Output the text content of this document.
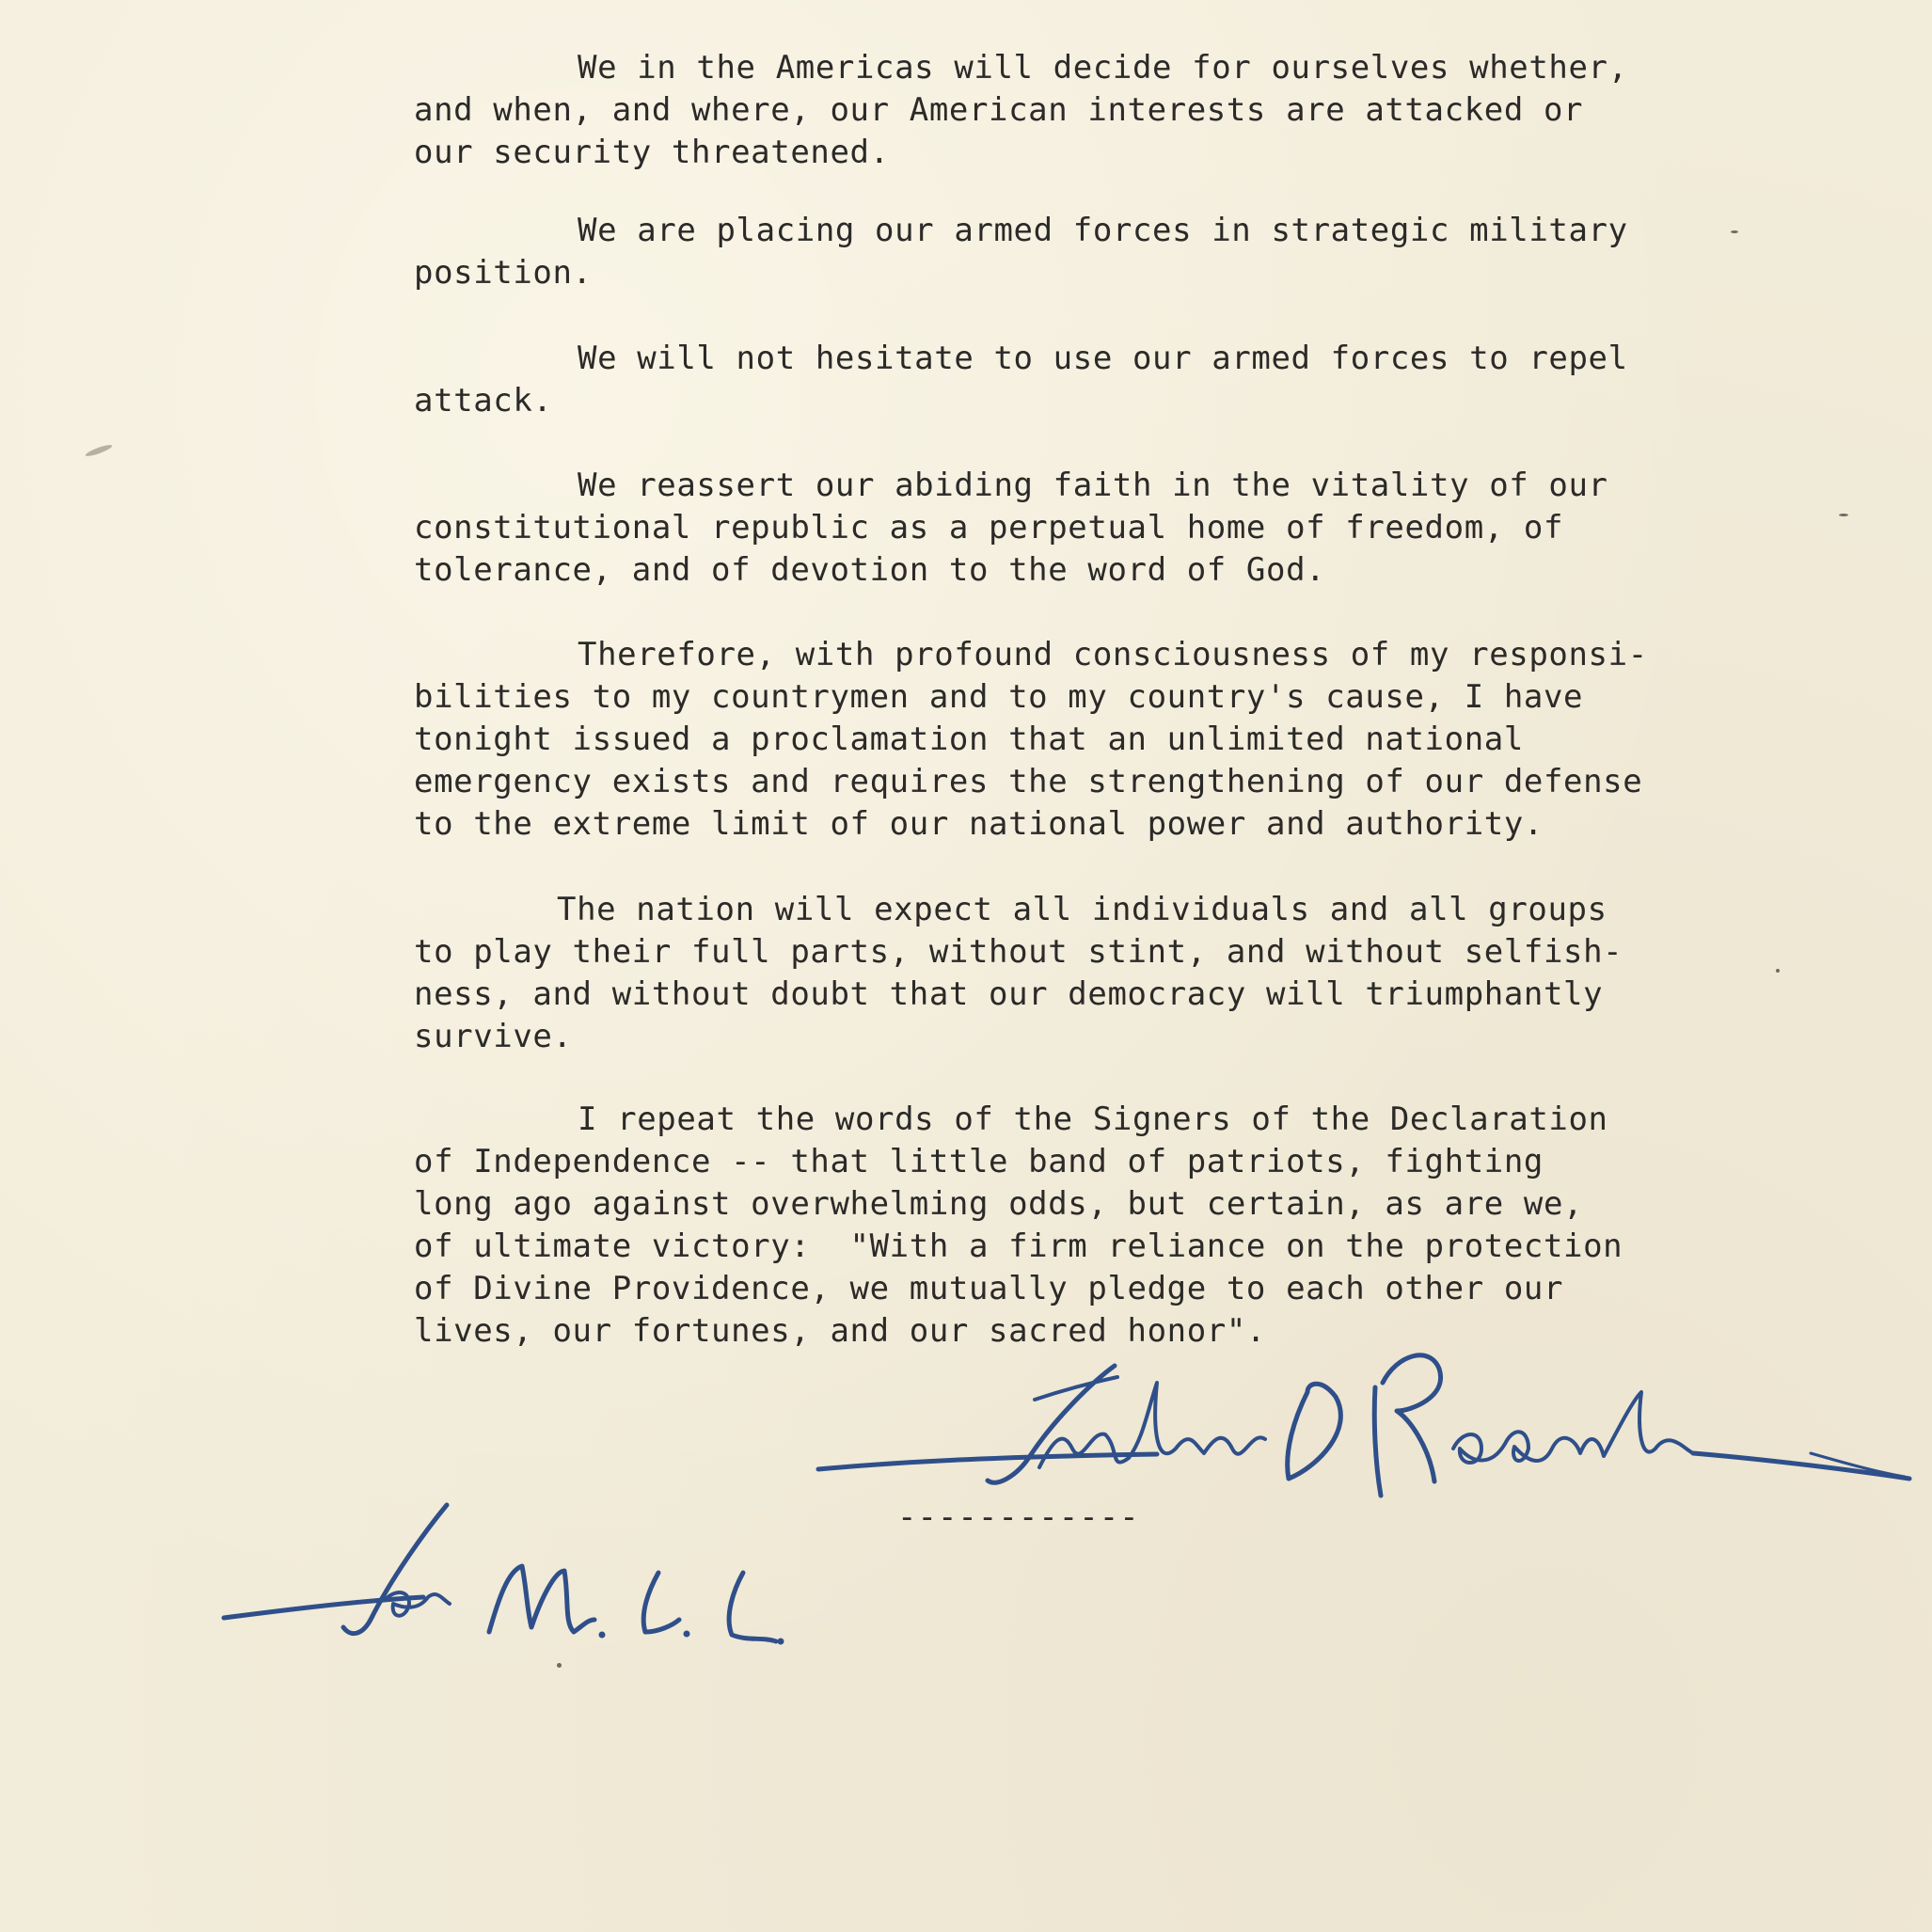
We in the Americas will decide for ourselves whether,

and when, and where, our American interests are attacked or

our security threatened.

We are placing our armed forces in strategic military

position.

We will not hesitate to use our armed forces to repel

attack.

We reassert our abiding faith in the vitality of our

constitutional republic as a perpetual home of freedom, of

tolerance, and of devotion to the word of God.

Therefore, with profound consciousness of my responsi-

bilities to my countrymen and to my country's cause, I have

tonight issued a proclamation that an unlimited national

emergency exists and requires the strengthening of our defense

to the extreme limit of our national power and authority.

The nation will expect all individuals and all groups

to play their full parts, without stint, and without selfish-

ness, and without doubt that our democracy will triumphantly

survive.

I repeat the words of the Signers of the Declaration

of Independence -- that little band of patriots, fighting

long ago against overwhelming odds, but certain, as are we,

of ultimate victory:  "With a firm reliance on the protection

of Divine Providence, we mutually pledge to each other our

lives, our fortunes, and our sacred honor".

------------
